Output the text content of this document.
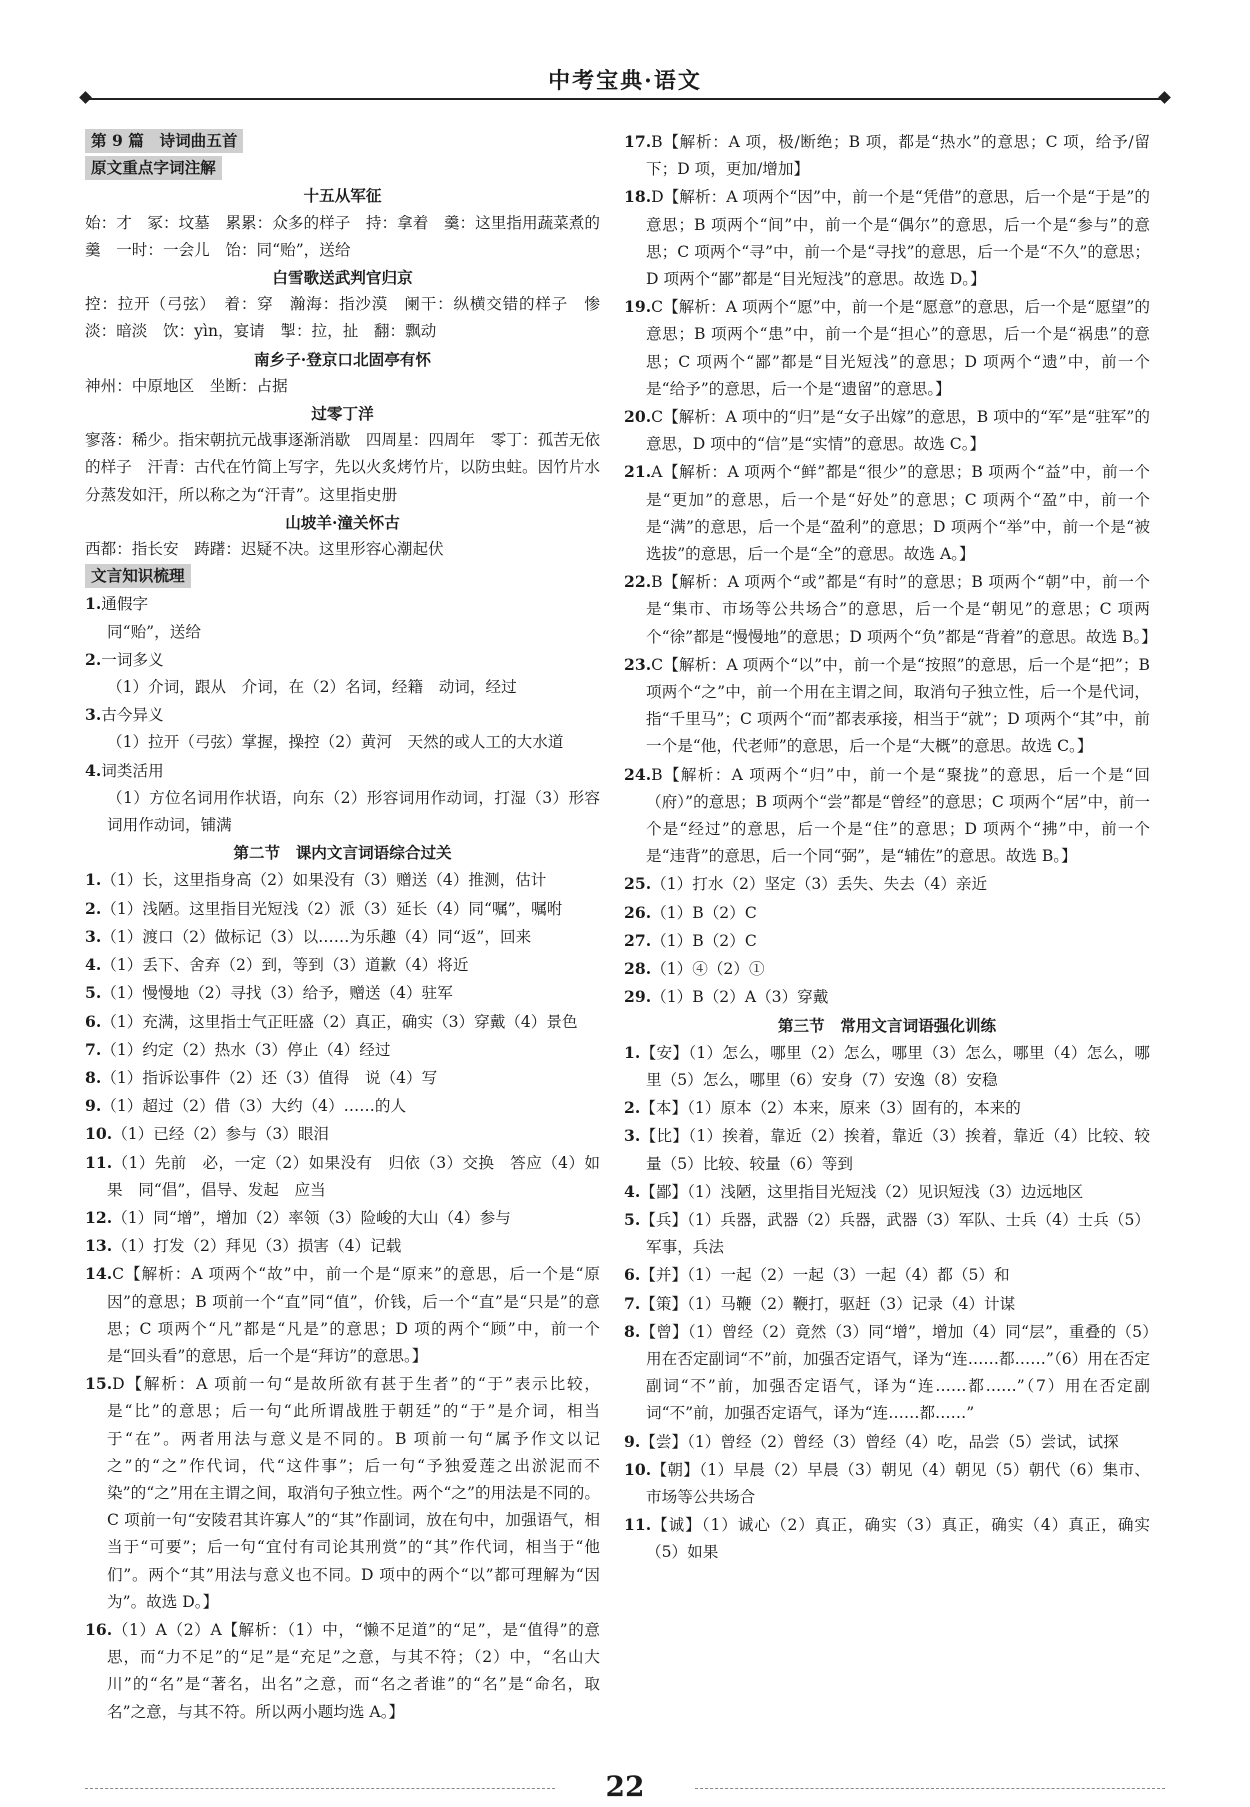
中考宝典·语文
第 9 篇　诗词曲五首
原文重点字词注解
十五从军征
始：才　冢：坟墓　累累：众多的样子　持：拿着　羹：这里指用蔬菜煮的羹　一时：一会儿　饴：同“贻”，送给
白雪歌送武判官归京
控：拉开（弓弦）　着：穿　瀚海：指沙漠　阑干：纵横交错的样子　惨淡：暗淡　饮：yìn，宴请　掣：拉，扯　翻：飘动
南乡子·登京口北固亭有怀
神州：中原地区　坐断：占据
过零丁洋
寥落：稀少。指宋朝抗元战事逐渐消歇　四周星：四周年　零丁：孤苦无依的样子　汗青：古代在竹简上写字，先以火炙烤竹片，以防虫蛀。因竹片水分蒸发如汗，所以称之为“汗青”。这里指史册
山坡羊·潼关怀古
西都：指长安　踌躇：迟疑不决。这里形容心潮起伏
文言知识梳理
1.通假字
同“贻”，送给
2.一词多义
（1）介词，跟从　介词，在（2）名词，经籍　动词，经过
3.古今异义
（1）拉开（弓弦）掌握，操控（2）黄河　天然的或人工的大水道
4.词类活用
（1）方位名词用作状语，向东（2）形容词用作动词，打湿（3）形容词用作动词，铺满
第二节　课内文言词语综合过关
1.（1）长，这里指身高（2）如果没有（3）赠送（4）推测，估计
2.（1）浅陋。这里指目光短浅（2）派（3）延长（4）同“嘱”，嘱咐
3.（1）渡口（2）做标记（3）以……为乐趣（4）同“返”，回来
4.（1）丢下、舍弃（2）到，等到（3）道歉（4）将近
5.（1）慢慢地（2）寻找（3）给予，赠送（4）驻军
6.（1）充满，这里指士气正旺盛（2）真正，确实（3）穿戴（4）景色
7.（1）约定（2）热水（3）停止（4）经过
8.（1）指诉讼事件（2）还（3）值得　说（4）写
9.（1）超过（2）借（3）大约（4）……的人
10.（1）已经（2）参与（3）眼泪
11.（1）先前　必，一定（2）如果没有　归依（3）交换　答应（4）如果　同“倡”，倡导、发起　应当
12.（1）同“增”，增加（2）率领（3）险峻的大山（4）参与
13.（1）打发（2）拜见（3）损害（4）记载
14.C【解析：A 项两个“故”中，前一个是“原来”的意思，后一个是“原因”的意思；B 项前一个“直”同“值”，价钱，后一个“直”是“只是”的意思；C 项两个“凡”都是“凡是”的意思；D 项的两个“顾”中，前一个是“回头看”的意思，后一个是“拜访”的意思。】
15.D【解析：A 项前一句“是故所欲有甚于生者”的“于”表示比较，是“比”的意思；后一句“此所谓战胜于朝廷”的“于”是介词，相当于“在”。两者用法与意义是不同的。B 项前一句“属予作文以记之”的“之”作代词，代“这件事”；后一句“予独爱莲之出淤泥而不染”的“之”用在主谓之间，取消句子独立性。两个“之”的用法是不同的。C 项前一句“安陵君其许寡人”的“其”作副词，放在句中，加强语气，相当于“可要”；后一句“宜付有司论其刑赏”的“其”作代词，相当于“他们”。两个“其”用法与意义也不同。D 项中的两个“以”都可理解为“因为”。故选 D。】
16.（1）A（2）A【解析：（1）中，“懒不足道”的“足”，是“值得”的意思，而“力不足”的“足”是“充足”之意，与其不符；（2）中，“名山大川”的“名”是“著名，出名”之意，而“名之者谁”的“名”是“命名，取名”之意，与其不符。所以两小题均选 A。】
17.B【解析：A 项，极/断绝；B 项，都是“热水”的意思；C 项，给予/留下；D 项，更加/增加】
18.D【解析：A 项两个“因”中，前一个是“凭借”的意思，后一个是“于是”的意思；B 项两个“间”中，前一个是“偶尔”的意思，后一个是“参与”的意思；C 项两个“寻”中，前一个是“寻找”的意思，后一个是“不久”的意思；D 项两个“鄙”都是“目光短浅”的意思。故选 D。】
19.C【解析：A 项两个“愿”中，前一个是“愿意”的意思，后一个是“愿望”的意思；B 项两个“患”中，前一个是“担心”的意思，后一个是“祸患”的意思；C 项两个“鄙”都是“目光短浅”的意思；D 项两个“遗”中，前一个是“给予”的意思，后一个是“遗留”的意思。】
20.C【解析：A 项中的“归”是“女子出嫁”的意思，B 项中的“军”是“驻军”的意思，D 项中的“信”是“实情”的意思。故选 C。】
21.A【解析：A 项两个“鲜”都是“很少”的意思；B 项两个“益”中，前一个是“更加”的意思，后一个是“好处”的意思；C 项两个“盈”中，前一个是“满”的意思，后一个是“盈利”的意思；D 项两个“举”中，前一个是“被选拔”的意思，后一个是“全”的意思。故选 A。】
22.B【解析：A 项两个“或”都是“有时”的意思；B 项两个“朝”中，前一个是“集市、市场等公共场合”的意思，后一个是“朝见”的意思；C 项两个“徐”都是“慢慢地”的意思；D 项两个“负”都是“背着”的意思。故选 B。】
23.C【解析：A 项两个“以”中，前一个是“按照”的意思，后一个是“把”；B 项两个“之”中，前一个用在主谓之间，取消句子独立性，后一个是代词，指“千里马”；C 项两个“而”都表承接，相当于“就”；D 项两个“其”中，前一个是“他，代老师”的意思，后一个是“大概”的意思。故选 C。】
24.B【解析：A 项两个“归”中，前一个是“聚拢”的意思，后一个是“回（府）”的意思；B 项两个“尝”都是“曾经”的意思；C 项两个“居”中，前一个是“经过”的意思，后一个是“住”的意思；D 项两个“拂”中，前一个是“违背”的意思，后一个同“弼”，是“辅佐”的意思。故选 B。】
25.（1）打水（2）坚定（3）丢失、失去（4）亲近
26.（1）B（2）C
27.（1）B（2）C
28.（1）④（2）①
29.（1）B（2）A（3）穿戴
第三节　常用文言词语强化训练
1.【安】（1）怎么，哪里（2）怎么，哪里（3）怎么，哪里（4）怎么，哪里（5）怎么，哪里（6）安身（7）安逸（8）安稳
2.【本】（1）原本（2）本来，原来（3）固有的，本来的
3.【比】（1）挨着，靠近（2）挨着，靠近（3）挨着，靠近（4）比较、较量（5）比较、较量（6）等到
4.【鄙】（1）浅陋，这里指目光短浅（2）见识短浅（3）边远地区
5.【兵】（1）兵器，武器（2）兵器，武器（3）军队、士兵（4）士兵（5）军事，兵法
6.【并】（1）一起（2）一起（3）一起（4）都（5）和
7.【策】（1）马鞭（2）鞭打，驱赶（3）记录（4）计谋
8.【曾】（1）曾经（2）竟然（3）同“增”，增加（4）同“层”，重叠的（5）用在否定副词“不”前，加强否定语气，译为“连……都……”（6）用在否定副词“不”前，加强否定语气，译为“连……都……”（7）用在否定副词“不”前，加强否定语气，译为“连……都……”
9.【尝】（1）曾经（2）曾经（3）曾经（4）吃，品尝（5）尝试，试探
10.【朝】（1）早晨（2）早晨（3）朝见（4）朝见（5）朝代（6）集市、市场等公共场合
11.【诚】（1）诚心（2）真正，确实（3）真正，确实（4）真正，确实（5）如果
22
